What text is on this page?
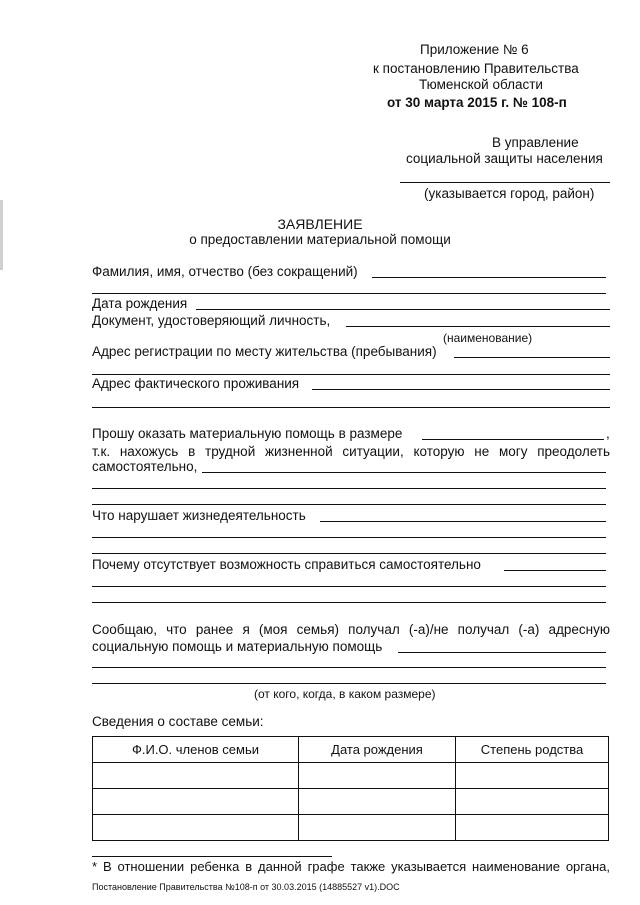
Приложение № 6
к постановлению Правительства
Тюменской области
от 30 марта 2015 г. № 108-п
В управление
социальной защиты населения
(указывается город, район)
ЗАЯВЛЕНИЕ
о предоставлении материальной помощи
Фамилия, имя, отчество (без сокращений)
Дата рождения
Документ, удостоверяющий личность,
(наименование)
Адрес регистрации по месту жительства (пребывания)
Адрес фактического проживания
Прошу оказать материальную помощь в размере	,
т.к. нахожусь в трудной жизненной ситуации, которую не могу преодолеть
самостоятельно,
Что нарушает жизнедеятельность
Почему отсутствует возможность справиться самостоятельно
Сообщаю, что ранее я (моя семья) получал (-а)/не получал (-а) адресную
социальную помощь и материальную помощь
(от кого, когда, в каком размере)
Сведения о составе семьи:
Ф.И.О. членов семьи	Дата рождения	Степень родства

* В отношении ребенка в данной графе также указывается наименование органа,
Постановление Правительства №108-п от 30.03.2015 (14885527 v1).DOC
